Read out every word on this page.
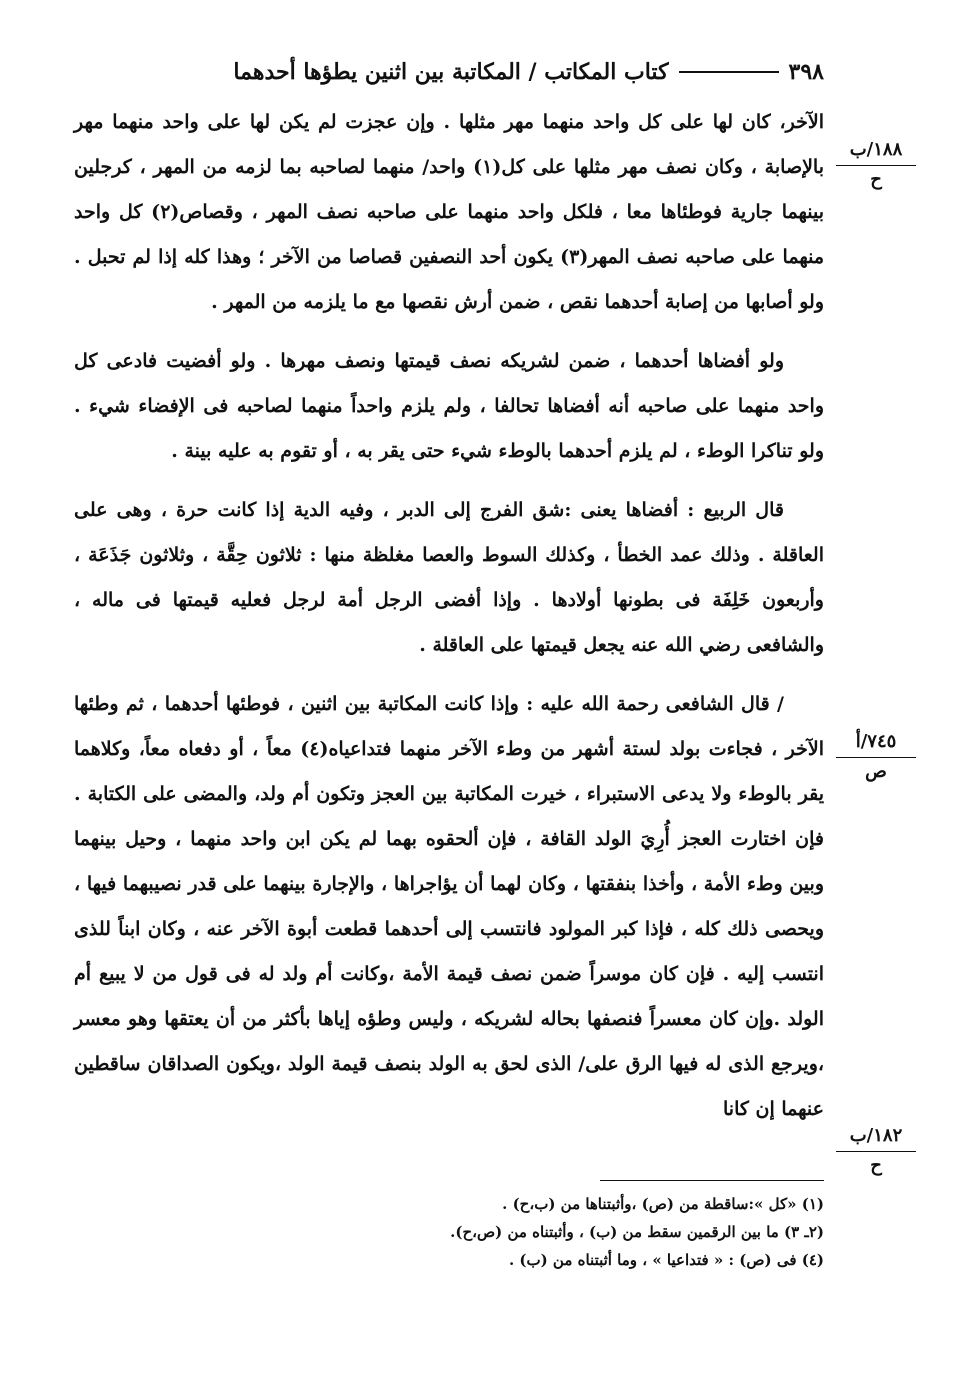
٣٩٨
كتاب المكاتب / المكاتبة بين اثنين يطؤها أحدهما
١٨٨/ب
ح
٧٤٥/أ
ص
١٨٢/ب
ح

الآخر، كان لها على كل واحد منهما مهر مثلها . وإن عجزت لم يكن لها على واحد منهما مهر بالإصابة ، وكان نصف مهر مثلها على كل(١) واحد/ منهما لصاحبه بما لزمه من المهر ، كرجلين بينهما جارية فوطئاها معا ، فلكل واحد منهما على صاحبه نصف المهر ، وقصاص(٢) كل واحد منهما على صاحبه نصف المهر(٣) يكون أحد النصفين قصاصا من الآخر ؛ وهذا كله إذا لم تحبل . ولو أصابها من إصابة أحدهما نقص ، ضمن أرش نقصها مع ما يلزمه من المهر .

ولو أفضاها أحدهما ، ضمن لشريكه نصف قيمتها ونصف مهرها . ولو أفضيت فادعى كل واحد منهما على صاحبه أنه أفضاها تحالفا ، ولم يلزم واحداً منهما لصاحبه فى الإفضاء شيء . ولو تناكرا الوطء ، لم يلزم أحدهما بالوطء شيء حتى يقر به ، أو تقوم به عليه بينة .

قال الربيع : أفضاها يعنى :شق الفرج إلى الدبر ، وفيه الدية إذا كانت حرة ، وهى على العاقلة . وذلك عمد الخطأ ، وكذلك السوط والعصا مغلظة منها : ثلاثون حِقَّة ، وثلاثون جَذَعَة ، وأربعون خَلِفَة فى بطونها أولادها . وإذا أفضى الرجل أمة لرجل فعليه قيمتها فى ماله ، والشافعى رضي الله عنه يجعل قيمتها على العاقلة .

/ قال الشافعى رحمة الله عليه : وإذا كانت المكاتبة بين اثنين ، فوطئها أحدهما ، ثم وطئها الآخر ، فجاءت بولد لستة أشهر من وطء الآخر منهما فتداعياه(٤) معاً ، أو دفعاه معاً، وكلاهما يقر بالوطء ولا يدعى الاستبراء ، خيرت المكاتبة بين العجز وتكون أم ولد، والمضى على الكتابة . فإن اختارت العجز أُرِيَ الولد القافة ، فإن ألحقوه بهما لم يكن ابن واحد منهما ، وحيل بينهما وبين وطء الأمة ، وأخذا بنفقتها ، وكان لهما أن يؤاجراها ، والإجارة بينهما على قدر نصيبهما فيها ، ويحصى ذلك كله ، فإذا كبر المولود فانتسب إلى أحدهما قطعت أبوة الآخر عنه ، وكان ابناً للذى انتسب إليه . فإن كان موسراً ضمن نصف قيمة الأمة ،وكانت أم ولد له فى قول من لا يبيع أم الولد .وإن كان معسراً فنصفها بحاله لشريكه ، وليس وطؤه إياها بأكثر من أن يعتقها وهو معسر ،ويرجع الذى له فيها الرق على/ الذى لحق به الولد بنصف قيمة الولد ،ويكون الصداقان ساقطين عنهما إن كانا

(١) «كل »:ساقطة من (ص) ،وأثبتناها من (ب،ح) .
(٢ـ ٣) ما بين الرقمين سقط من (ب) ، وأثبتناه من (ص،ح).
(٤) فى (ص) : « فتداعيا » ، وما أثبتناه من (ب) .
